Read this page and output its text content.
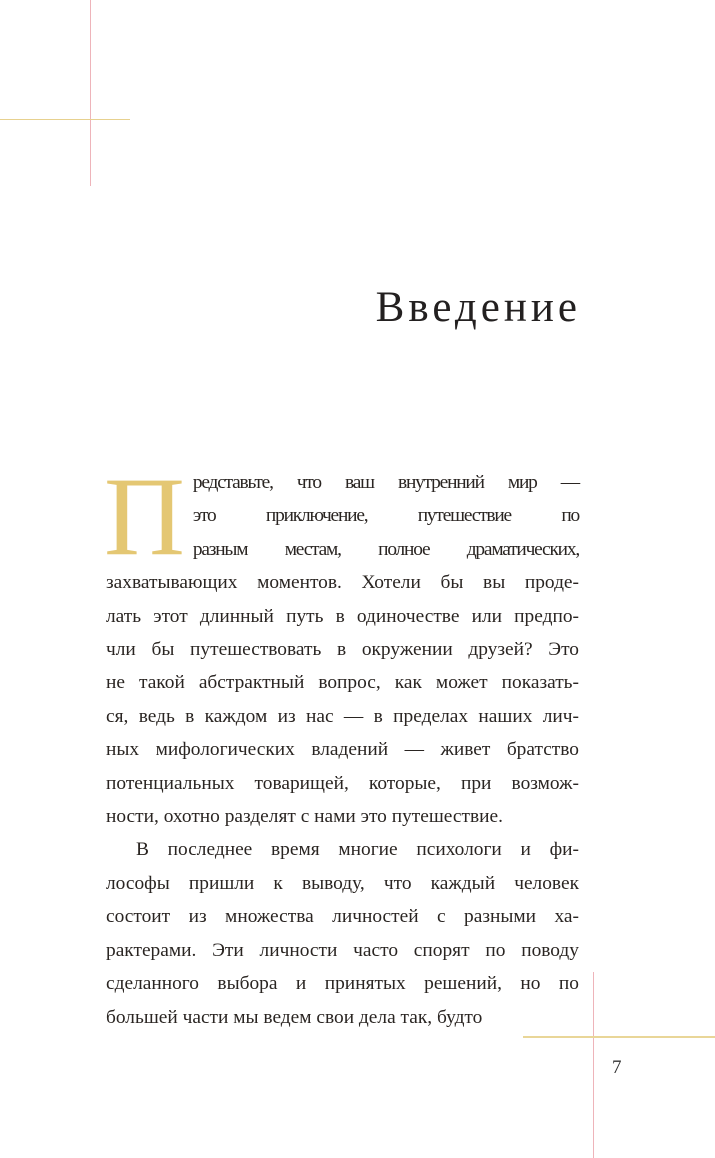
Введение
П редставьте, что ваш внутренний мир —
это приключение, путешествие по
разным местам, полное драматических,
захватывающих моментов. Хотели бы вы проде-
лать этот длинный путь в одиночестве или предпо-
чли бы путешествовать в окружении друзей? Это
не такой абстрактный вопрос, как может показать-
ся, ведь в каждом из нас — в пределах наших лич-
ных мифологических владений — живет братство
потенциальных товарищей, которые, при возмож-
ности, охотно разделят с нами это путешествие.
В последнее время многие психологи и фи-
лософы пришли к выводу, что каждый человек
состоит из множества личностей с разными ха-
рактерами. Эти личности часто спорят по поводу
сделанного выбора и принятых решений, но по
большей части мы ведем свои дела так, будто
7
